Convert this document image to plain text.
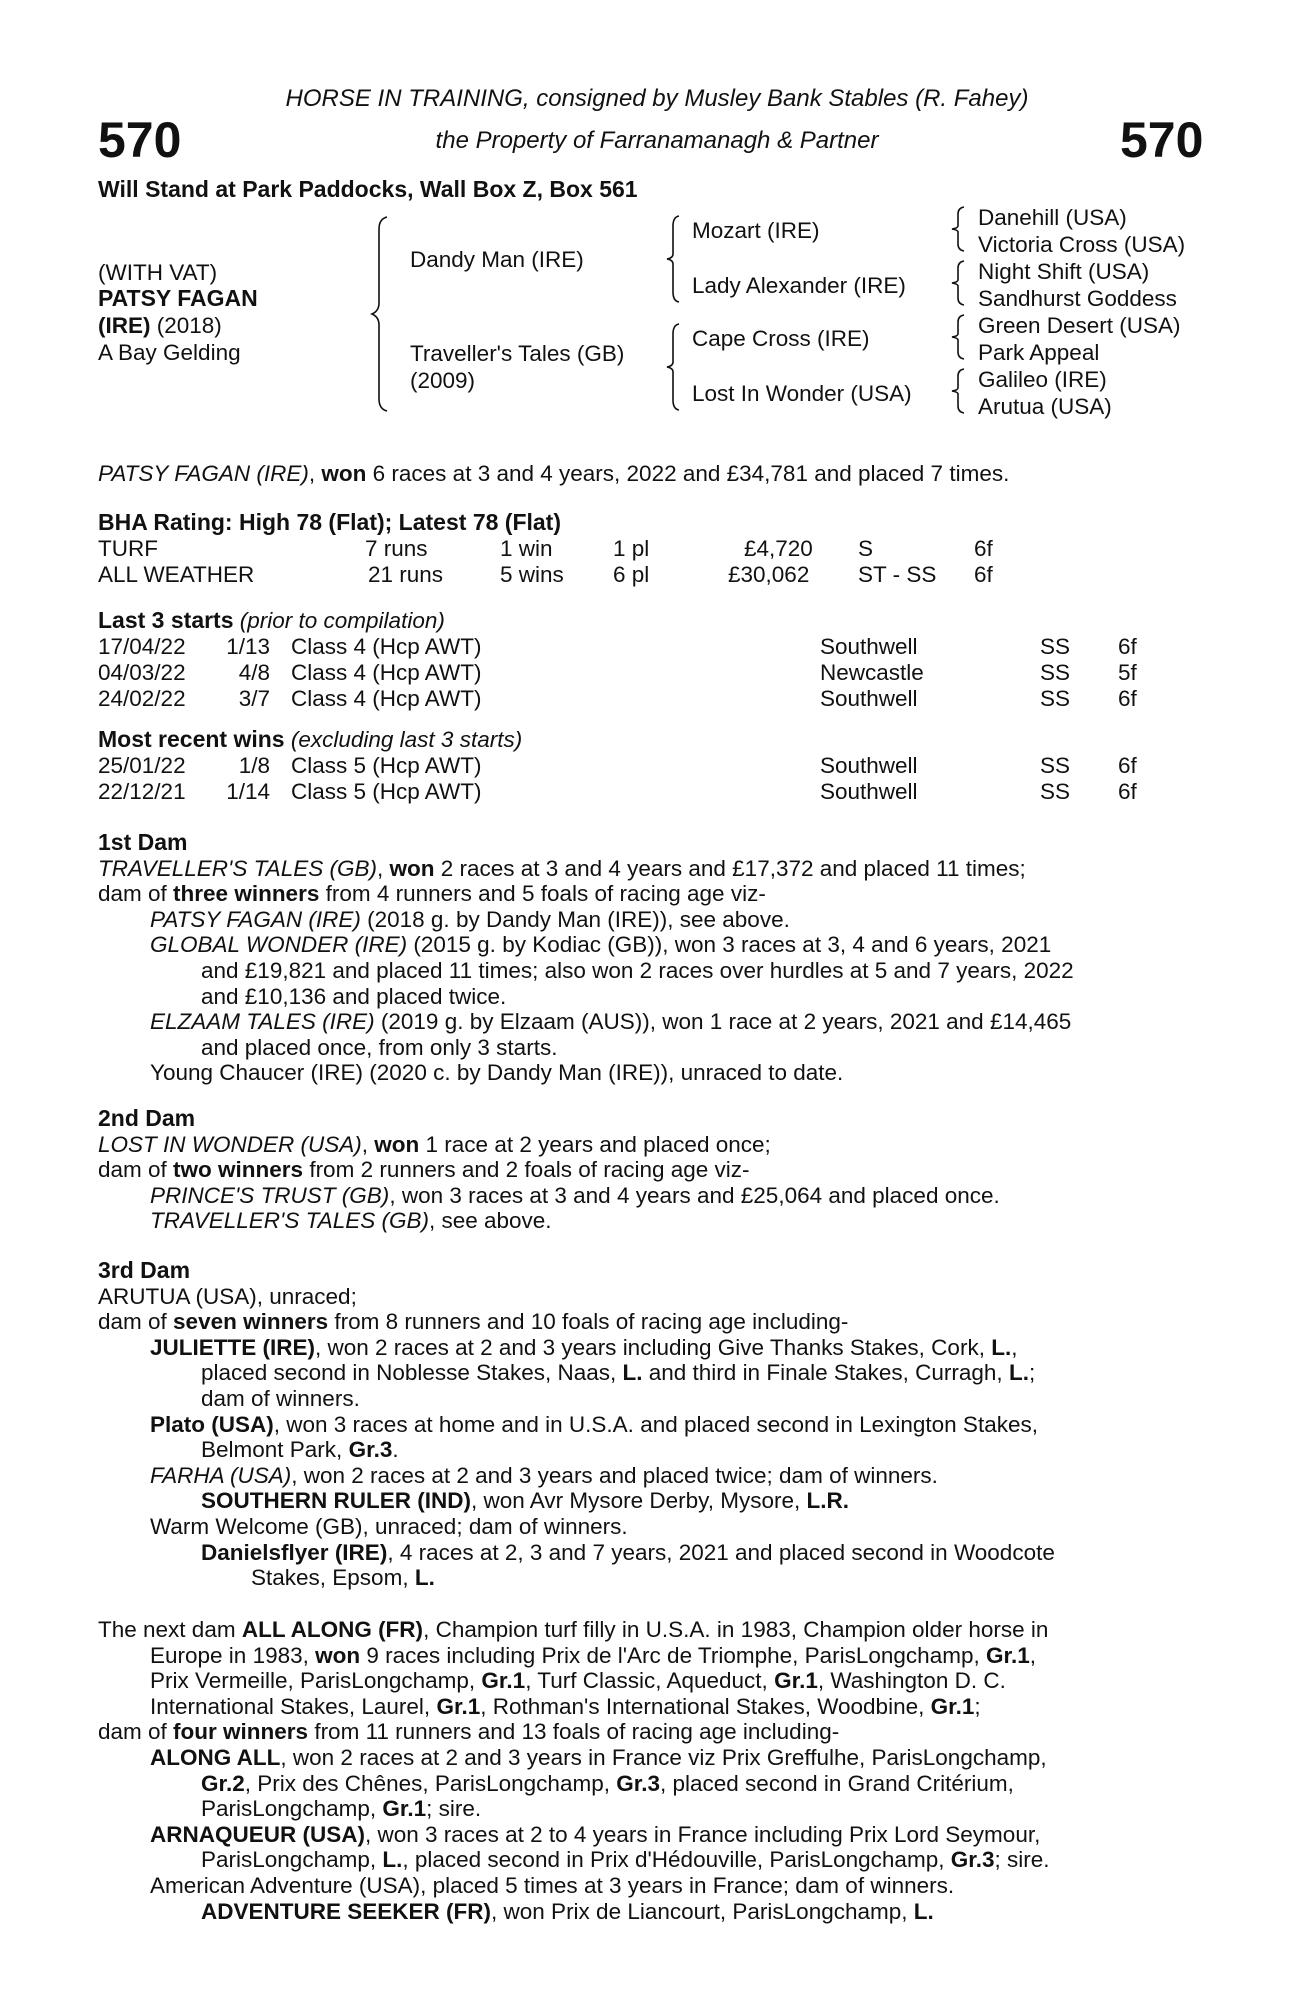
570	570
HORSE IN TRAINING, consigned by Musley Bank Stables (R. Fahey)
the Property of Farranamanagh & Partner
Will Stand at Park Paddocks, Wall Box Z, Box 561
(WITH VAT)
PATSY FAGAN
(IRE) (2018)
A Bay Gelding
Dandy Man (IRE)
Traveller's Tales (GB)
(2009)
Mozart (IRE)
Lady Alexander (IRE)
Cape Cross (IRE)
Lost In Wonder (USA)
Danehill (USA)
Victoria Cross (USA)
Night Shift (USA)
Sandhurst Goddess
Green Desert (USA)
Park Appeal
Galileo (IRE)
Arutua (USA)
PATSY FAGAN (IRE), won 6 races at 3 and 4 years, 2022 and £34,781 and placed 7 times.
BHA Rating: High 78 (Flat); Latest 78 (Flat)
TURF	7 runs	1 win	1 pl	£4,720 S	6f
ALL WEATHER	21 runs	5 wins 6 pl	£30,062 ST - SS 6f
Last 3 starts (prior to compilation)
17/04/22 1/13 Class 4 (Hcp AWT)	Southwell	SS 6f
04/03/22	4/8 Class 4 (Hcp AWT)	Newcastle	SS 5f
24/02/22	3/7 Class 4 (Hcp AWT)	Southwell	SS 6f
Most recent wins (excluding last 3 starts)
25/01/22	1/8 Class 5 (Hcp AWT)	Southwell	SS 6f
22/12/21 1/14 Class 5 (Hcp AWT)	Southwell	SS 6f
1st Dam
TRAVELLER'S TALES (GB), won 2 races at 3 and 4 years and £17,372 and placed 11 times;
dam of three winners from 4 runners and 5 foals of racing age viz-
PATSY FAGAN (IRE) (2018 g. by Dandy Man (IRE)), see above.
GLOBAL WONDER (IRE) (2015 g. by Kodiac (GB)), won 3 races at 3, 4 and 6 years, 2021
and £19,821 and placed 11 times; also won 2 races over hurdles at 5 and 7 years, 2022
and £10,136 and placed twice.
ELZAAM TALES (IRE) (2019 g. by Elzaam (AUS)), won 1 race at 2 years, 2021 and £14,465
and placed once, from only 3 starts.
Young Chaucer (IRE) (2020 c. by Dandy Man (IRE)), unraced to date.
2nd Dam
LOST IN WONDER (USA), won 1 race at 2 years and placed once;
dam of two winners from 2 runners and 2 foals of racing age viz-
PRINCE'S TRUST (GB), won 3 races at 3 and 4 years and £25,064 and placed once.
TRAVELLER'S TALES (GB), see above.
3rd Dam
ARUTUA (USA), unraced;
dam of seven winners from 8 runners and 10 foals of racing age including-
JULIETTE (IRE), won 2 races at 2 and 3 years including Give Thanks Stakes, Cork, L.,
placed second in Noblesse Stakes, Naas, L. and third in Finale Stakes, Curragh, L.;
dam of winners.
Plato (USA), won 3 races at home and in U.S.A. and placed second in Lexington Stakes,
Belmont Park, Gr.3.
FARHA (USA), won 2 races at 2 and 3 years and placed twice; dam of winners.
SOUTHERN RULER (IND), won Avr Mysore Derby, Mysore, L.R.
Warm Welcome (GB), unraced; dam of winners.
Danielsflyer (IRE), 4 races at 2, 3 and 7 years, 2021 and placed second in Woodcote
Stakes, Epsom, L.
The next dam ALL ALONG (FR), Champion turf filly in U.S.A. in 1983, Champion older horse in
Europe in 1983, won 9 races including Prix de l'Arc de Triomphe, ParisLongchamp, Gr.1,
Prix Vermeille, ParisLongchamp, Gr.1, Turf Classic, Aqueduct, Gr.1, Washington D. C.
International Stakes, Laurel, Gr.1, Rothman's International Stakes, Woodbine, Gr.1;
dam of four winners from 11 runners and 13 foals of racing age including-
ALONG ALL, won 2 races at 2 and 3 years in France viz Prix Greffulhe, ParisLongchamp,
Gr.2, Prix des Chênes, ParisLongchamp, Gr.3, placed second in Grand Critérium,
ParisLongchamp, Gr.1; sire.
ARNAQUEUR (USA), won 3 races at 2 to 4 years in France including Prix Lord Seymour,
ParisLongchamp, L., placed second in Prix d'Hédouville, ParisLongchamp, Gr.3; sire.
American Adventure (USA), placed 5 times at 3 years in France; dam of winners.
ADVENTURE SEEKER (FR), won Prix de Liancourt, ParisLongchamp, L.
